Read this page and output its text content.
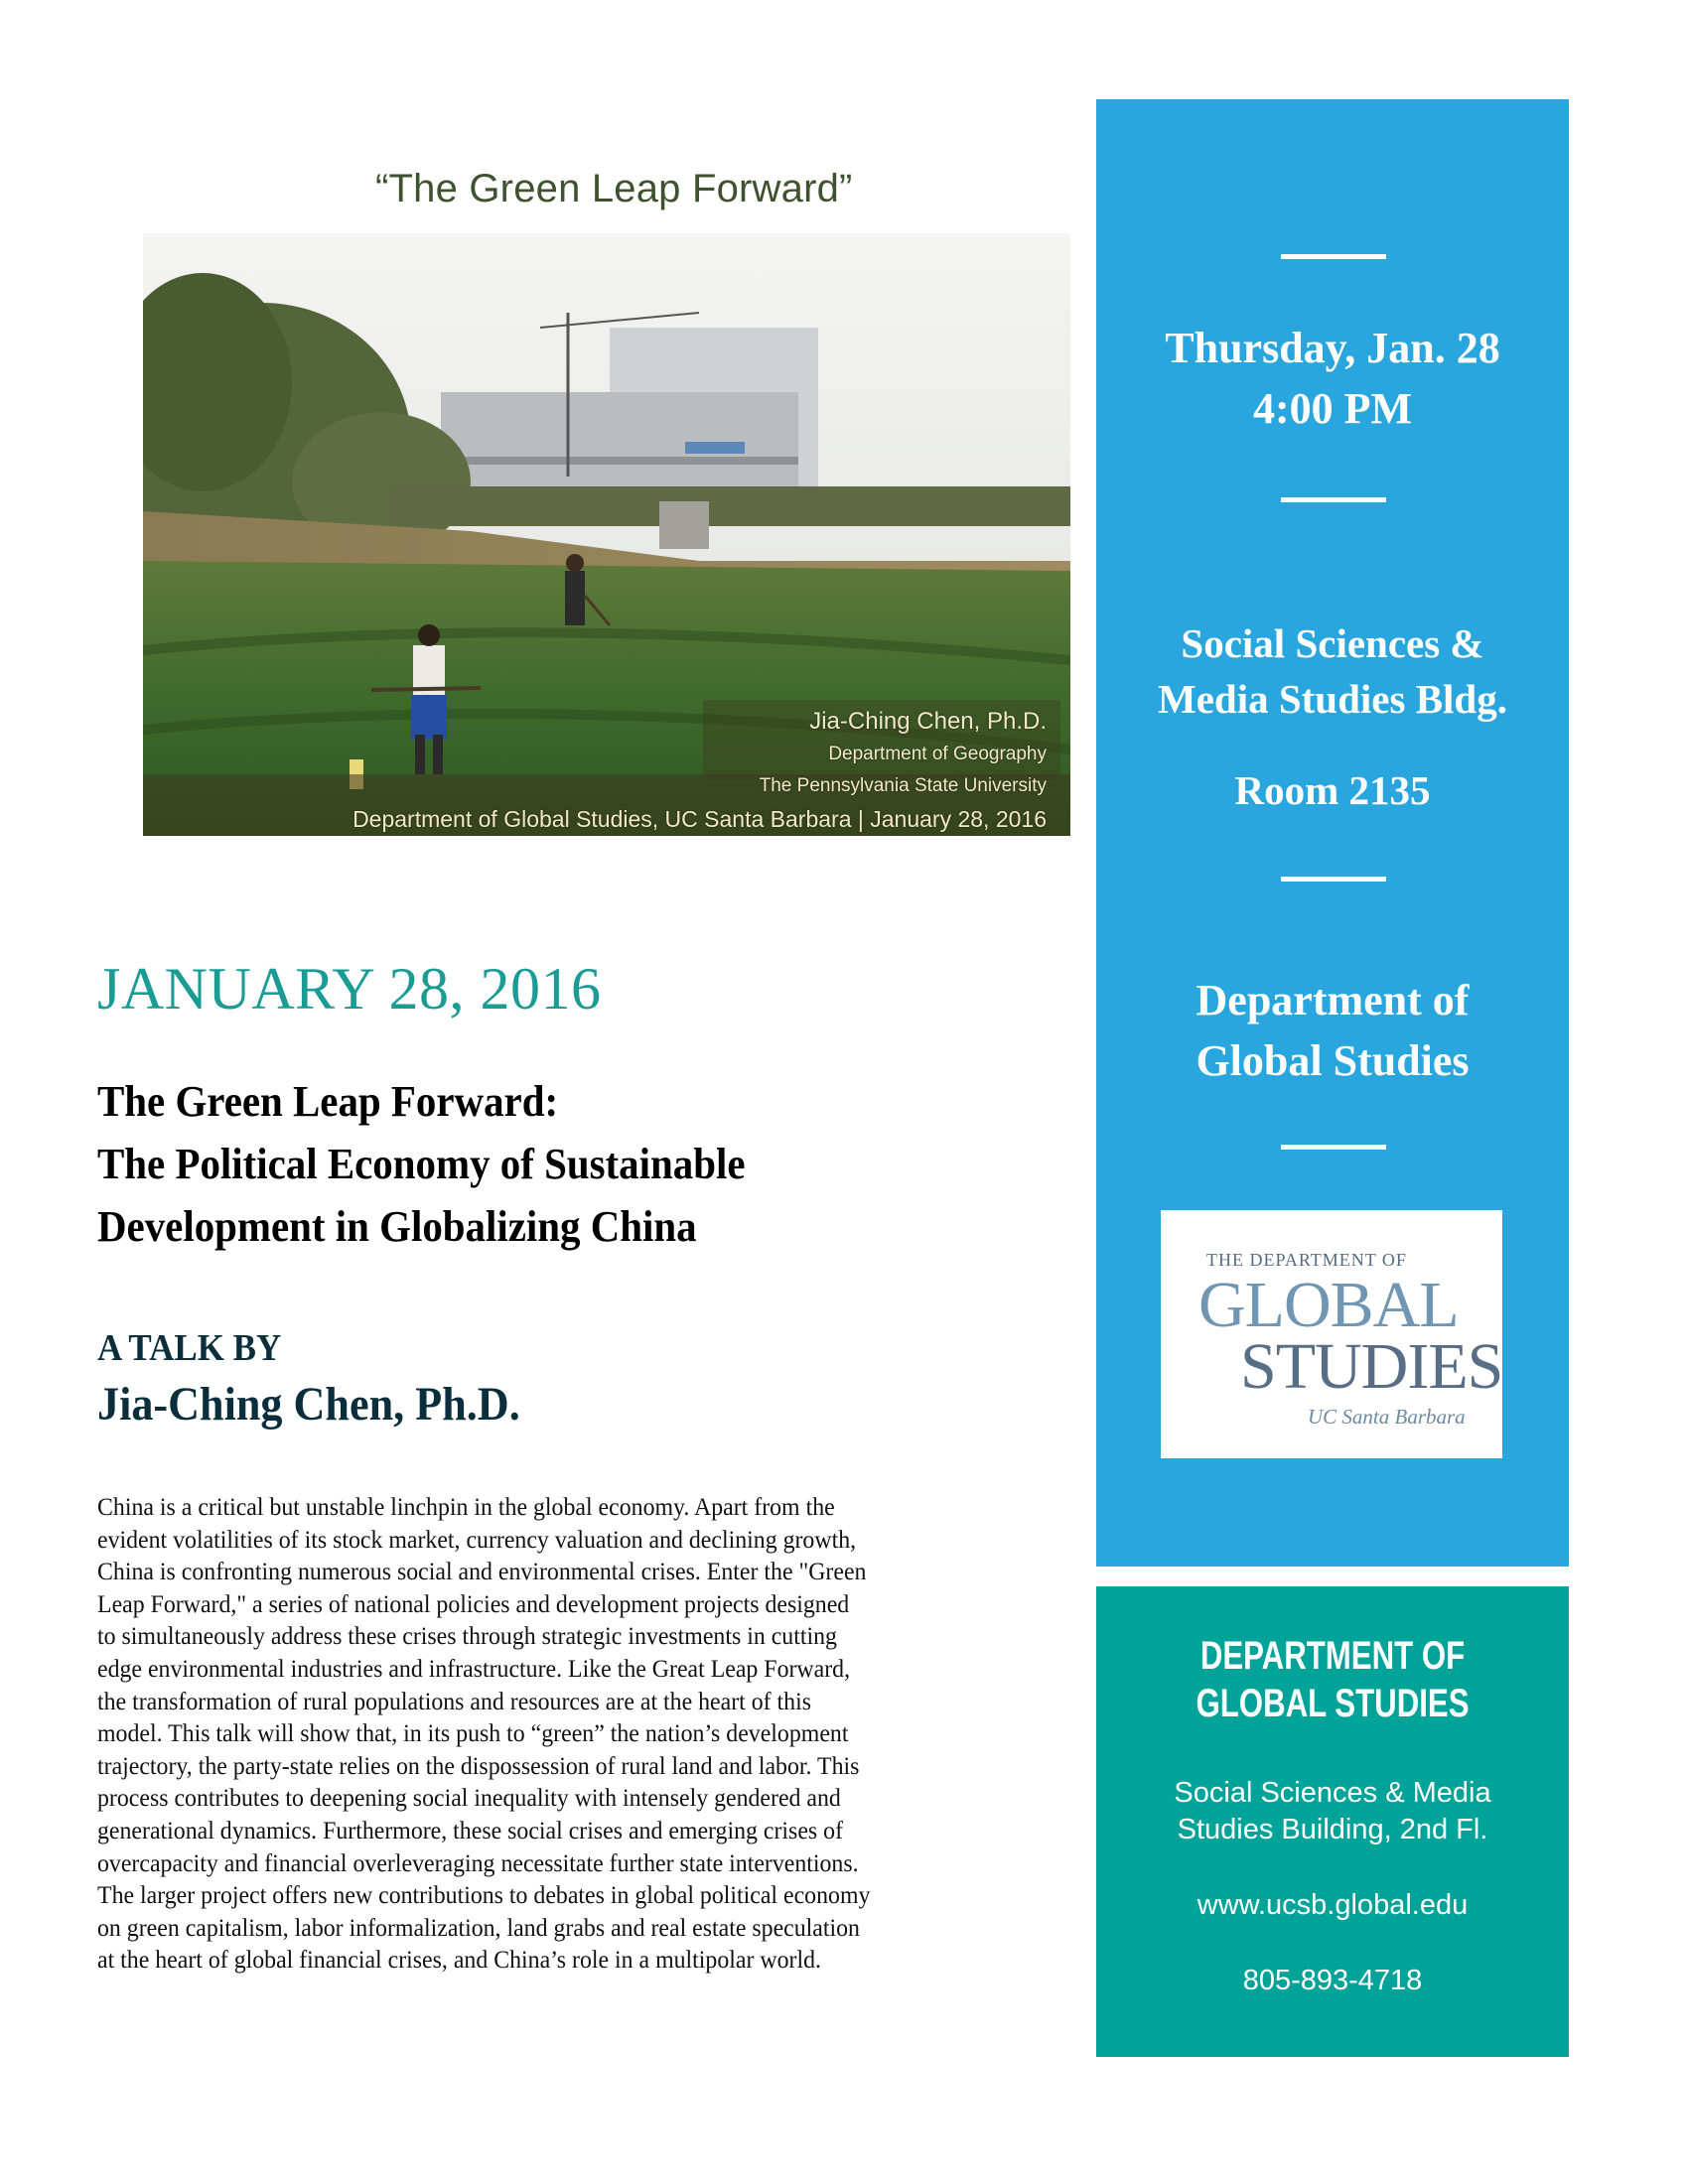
“The Green Leap Forward”
Jia-Ching Chen, Ph.D.
Department of Geography
The Pennsylvania State University
Department of Global Studies, UC Santa Barbara | January 28, 2016
JANUARY 28, 2016
The Green Leap Forward:
The Political Economy of Sustainable
Development in Globalizing China
A TALK BY
Jia-Ching Chen, Ph.D.
China is a critical but unstable linchpin in the global economy. Apart from the
evident volatilities of its stock market, currency valuation and declining growth,
China is confronting numerous social and environmental crises. Enter the "Green
Leap Forward," a series of national policies and development projects designed
to simultaneously address these crises through strategic investments in cutting
edge environmental industries and infrastructure. Like the Great Leap Forward,
the transformation of rural populations and resources are at the heart of this
model. This talk will show that, in its push to “green” the nation’s development
trajectory, the party-state relies on the dispossession of rural land and labor. This
process contributes to deepening social inequality with intensely gendered and
generational dynamics. Furthermore, these social crises and emerging crises of
overcapacity and financial overleveraging necessitate further state interventions.
The larger project offers new contributions to debates in global political economy
on green capitalism, labor informalization, land grabs and real estate speculation
at the heart of global financial crises, and China’s role in a multipolar world.
Thursday, Jan. 28
4:00 PM
Social Sciences &
Media Studies Bldg.
Room 2135
Department of
Global Studies
THE DEPARTMENT OF
GLOBAL
STUDIES
UC Santa Barbara
DEPARTMENT OF
GLOBAL STUDIES
Social Sciences & Media
Studies Building, 2nd Fl.
www.ucsb.global.edu
805-893-4718
